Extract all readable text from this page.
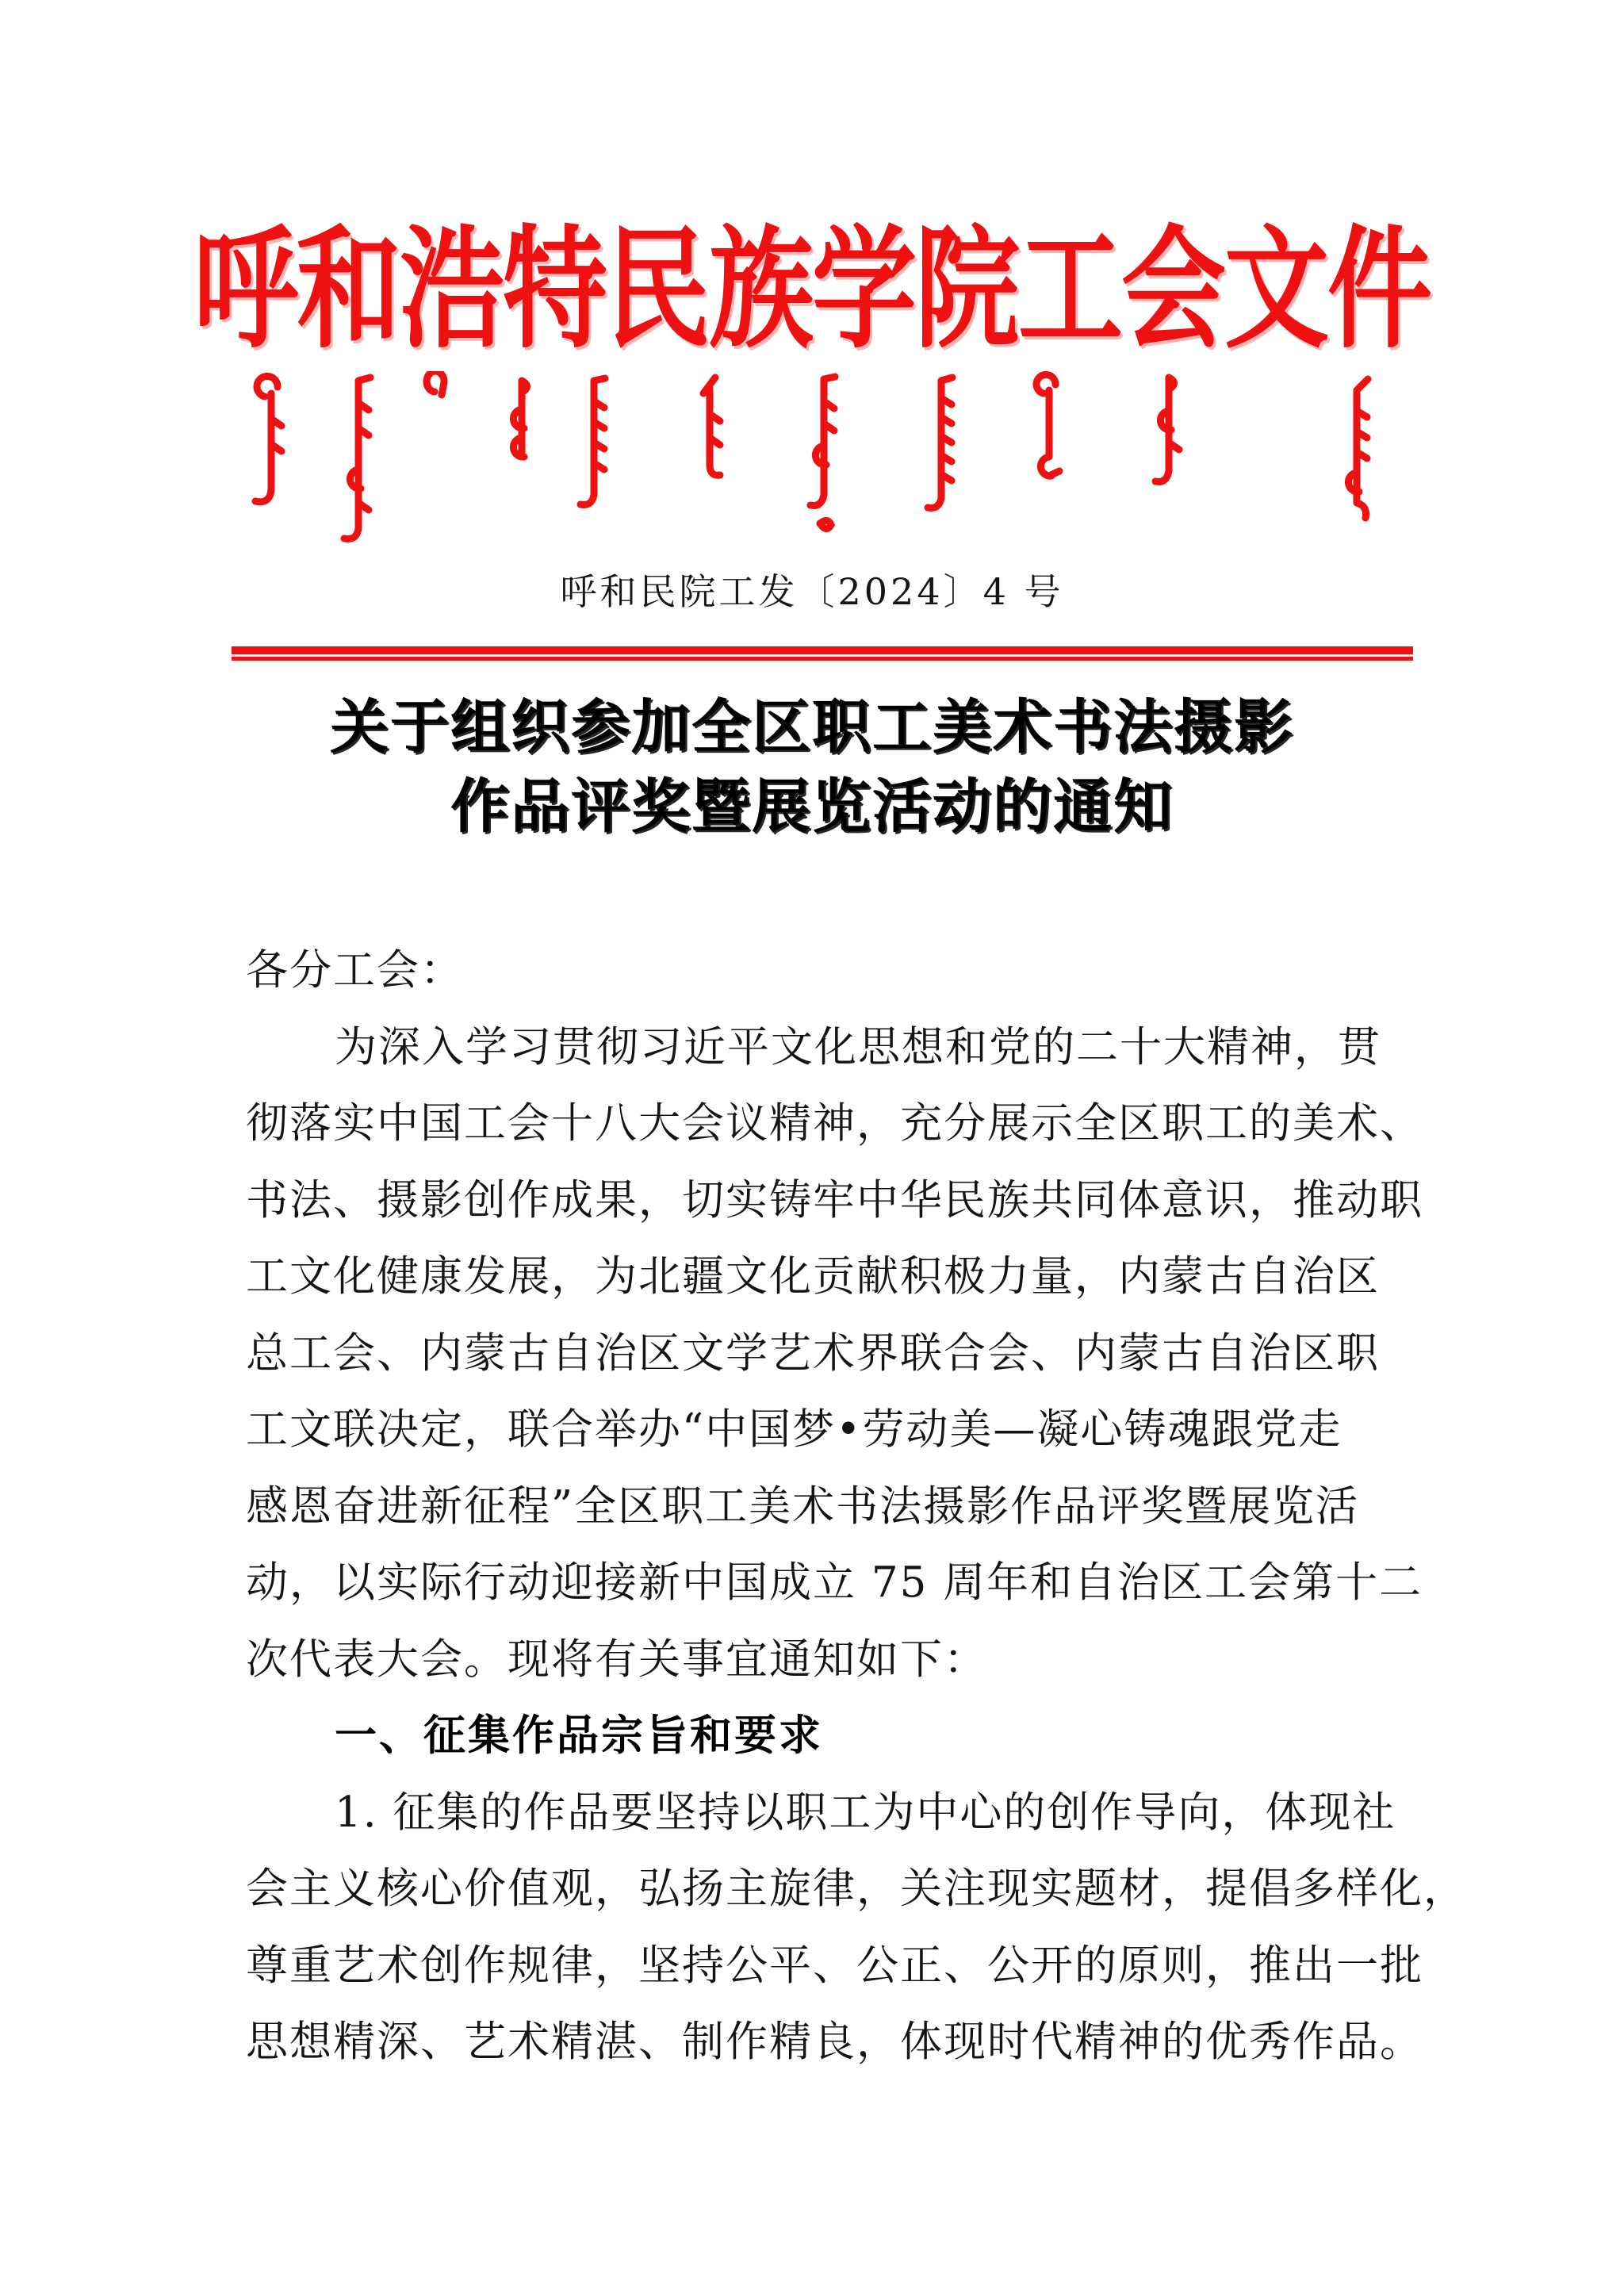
呼和浩特民族学院工会文件
呼和民院工发〔2024〕4 号
关于组织参加全区职工美术书法摄影
作品评奖暨展览活动的通知
各分工会：
为深入学习贯彻习近平文化思想和党的二十大精神，贯
彻落实中国工会十八大会议精神，充分展示全区职工的美术、
书法、摄影创作成果，切实铸牢中华民族共同体意识，推动职
工文化健康发展，为北疆文化贡献积极力量，内蒙古自治区
总工会、内蒙古自治区文学艺术界联合会、内蒙古自治区职
工文联决定，联合举办“中国梦•劳动美—凝心铸魂跟党走
感恩奋进新征程”全区职工美术书法摄影作品评奖暨展览活
动，以实际行动迎接新中国成立 75 周年和自治区工会第十二
次代表大会。现将有关事宜通知如下：
一、征集作品宗旨和要求
1. 征集的作品要坚持以职工为中心的创作导向，体现社
会主义核心价值观，弘扬主旋律，关注现实题材，提倡多样化，
尊重艺术创作规律，坚持公平、公正、公开的原则，推出一批
思想精深、艺术精湛、制作精良，体现时代精神的优秀作品。
